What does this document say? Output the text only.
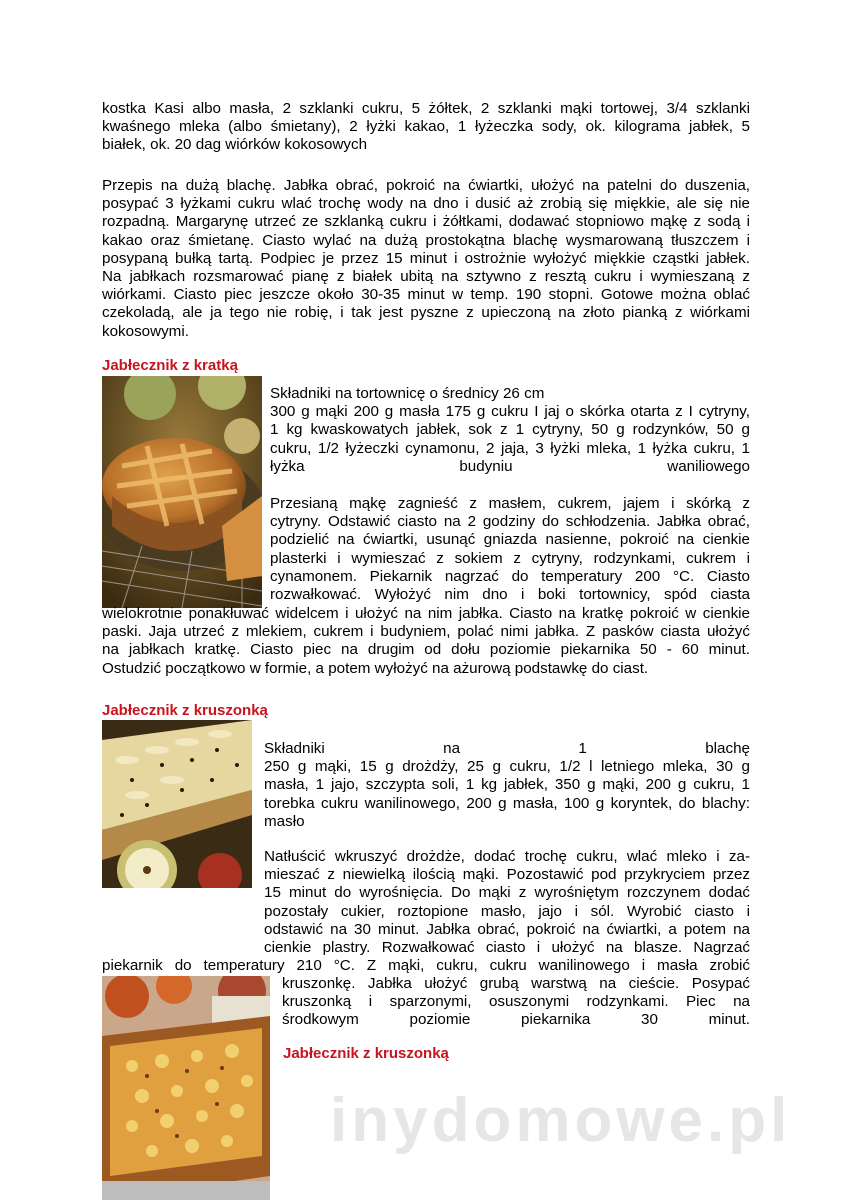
kostka Kasi albo masła, 2 szklanki cukru, 5 żółtek, 2 szklanki mąki tortowej, 3/4 szklanki
kwaśnego mleka (albo śmietany), 2 łyżki kakao, 1 łyżeczka sody, ok. kilograma jabłek, 5
białek, ok. 20 dag wiórków kokosowych
Przepis na dużą blachę. Jabłka obrać, pokroić na ćwiartki, ułożyć na patelni do duszenia,
posypać 3 łyżkami cukru wlać trochę wody na dno i dusić aż zrobią się miękkie, ale się nie
rozpadną. Margarynę utrzeć ze szklanką cukru i żółtkami, dodawać stopniowo mąkę z sodą i
kakao oraz śmietanę. Ciasto wylać na dużą prostokątna blachę wysmarowaną tłuszczem i
posypaną bułką tartą. Podpiec je przez 15 minut i ostrożnie wyłożyć miękkie cząstki jabłek.
Na jabłkach rozsmarować pianę z białek ubitą na sztywno z resztą cukru i wymieszaną z
wiórkami. Ciasto piec jeszcze około 30-35 minut w temp. 190 stopni. Gotowe można oblać
czekoladą, ale ja tego nie robię, i tak jest pyszne z upieczoną na złoto pianką z wiórkami
kokosowymi.
Jabłecznik z kratką
Składniki na tortownicę o średnicy 26 cm
300 g mąki 200 g masła 175 g cukru I jaj o skórka otarta z I cytryny,
1 kg kwaskowatych jabłek, sok z 1 cytryny, 50 g rodzynków, 50 g
cukru, 1/2 łyżeczki cynamonu, 2 jaja, 3 łyżki mleka, 1 łyżka cukru, 1
łyżka budyniu waniliowego
Przesianą mąkę zagnieść z masłem, cukrem, jajem i skórką z
cytryny. Odstawić ciasto na 2 godziny do schłodzenia. Jabłka obrać,
podzielić na ćwiartki, usunąć gniazda nasienne, pokroić na cienkie
plasterki i wymieszać z sokiem z cytryny, rodzynkami, cukrem i
cynamonem. Piekarnik nagrzać do temperatury 200 °C. Ciasto
rozwałkować. Wyłożyć nim dno i boki tortownicy, spód ciasta
wielokrotnie ponakłuwać widelcem i ułożyć na nim jabłka. Ciasto na kratkę pokroić w cienkie
paski. Jaja utrzeć z mlekiem, cukrem i budyniem, polać nimi jabłka. Z pasków ciasta ułożyć
na jabłkach kratkę. Ciasto piec na drugim od dołu poziomie piekarnika 50 - 60 minut.
Ostudzić początkowo w formie, a potem wyłożyć na ażurową podstawkę do ciast.
Jabłecznik z kruszonką
Składniki na 1 blachę
250 g mąki, 15 g drożdży, 25 g cukru, 1/2 l letniego mleka, 30 g
masła, 1 jajo, szczypta soli, 1 kg jabłek, 350 g mąki, 200 g cukru, 1
torebka cukru wanilinowego, 200 g masła, 100 g koryntek, do blachy:
masło
Natłuścić wkruszyć drożdże, dodać trochę cukru, wlać mleko i za-
mieszać z niewielką ilością mąki. Pozostawić pod przykryciem przez
15 minut do wyrośnięcia. Do mąki z wyrośniętym rozczynem dodać
pozostały cukier, roztopione masło, jajo i sól. Wyrobić ciasto i
odstawić na 30 minut. Jabłka obrać, pokroić na ćwiartki, a potem na
cienkie plastry. Rozwałkować ciasto i ułożyć na blasze. Nagrzać
piekarnik do temperatury 210 °C. Z mąki, cukru, cukru wanilinowego i masła zrobić
kruszonkę. Jabłka ułożyć grubą warstwą na cieście. Posypać
kruszonką i sparzonymi, osuszonymi rodzynkami. Piec na
środkowym poziomie piekarnika 30 minut.
Jabłecznik z kruszonką
inydomowe.pl
